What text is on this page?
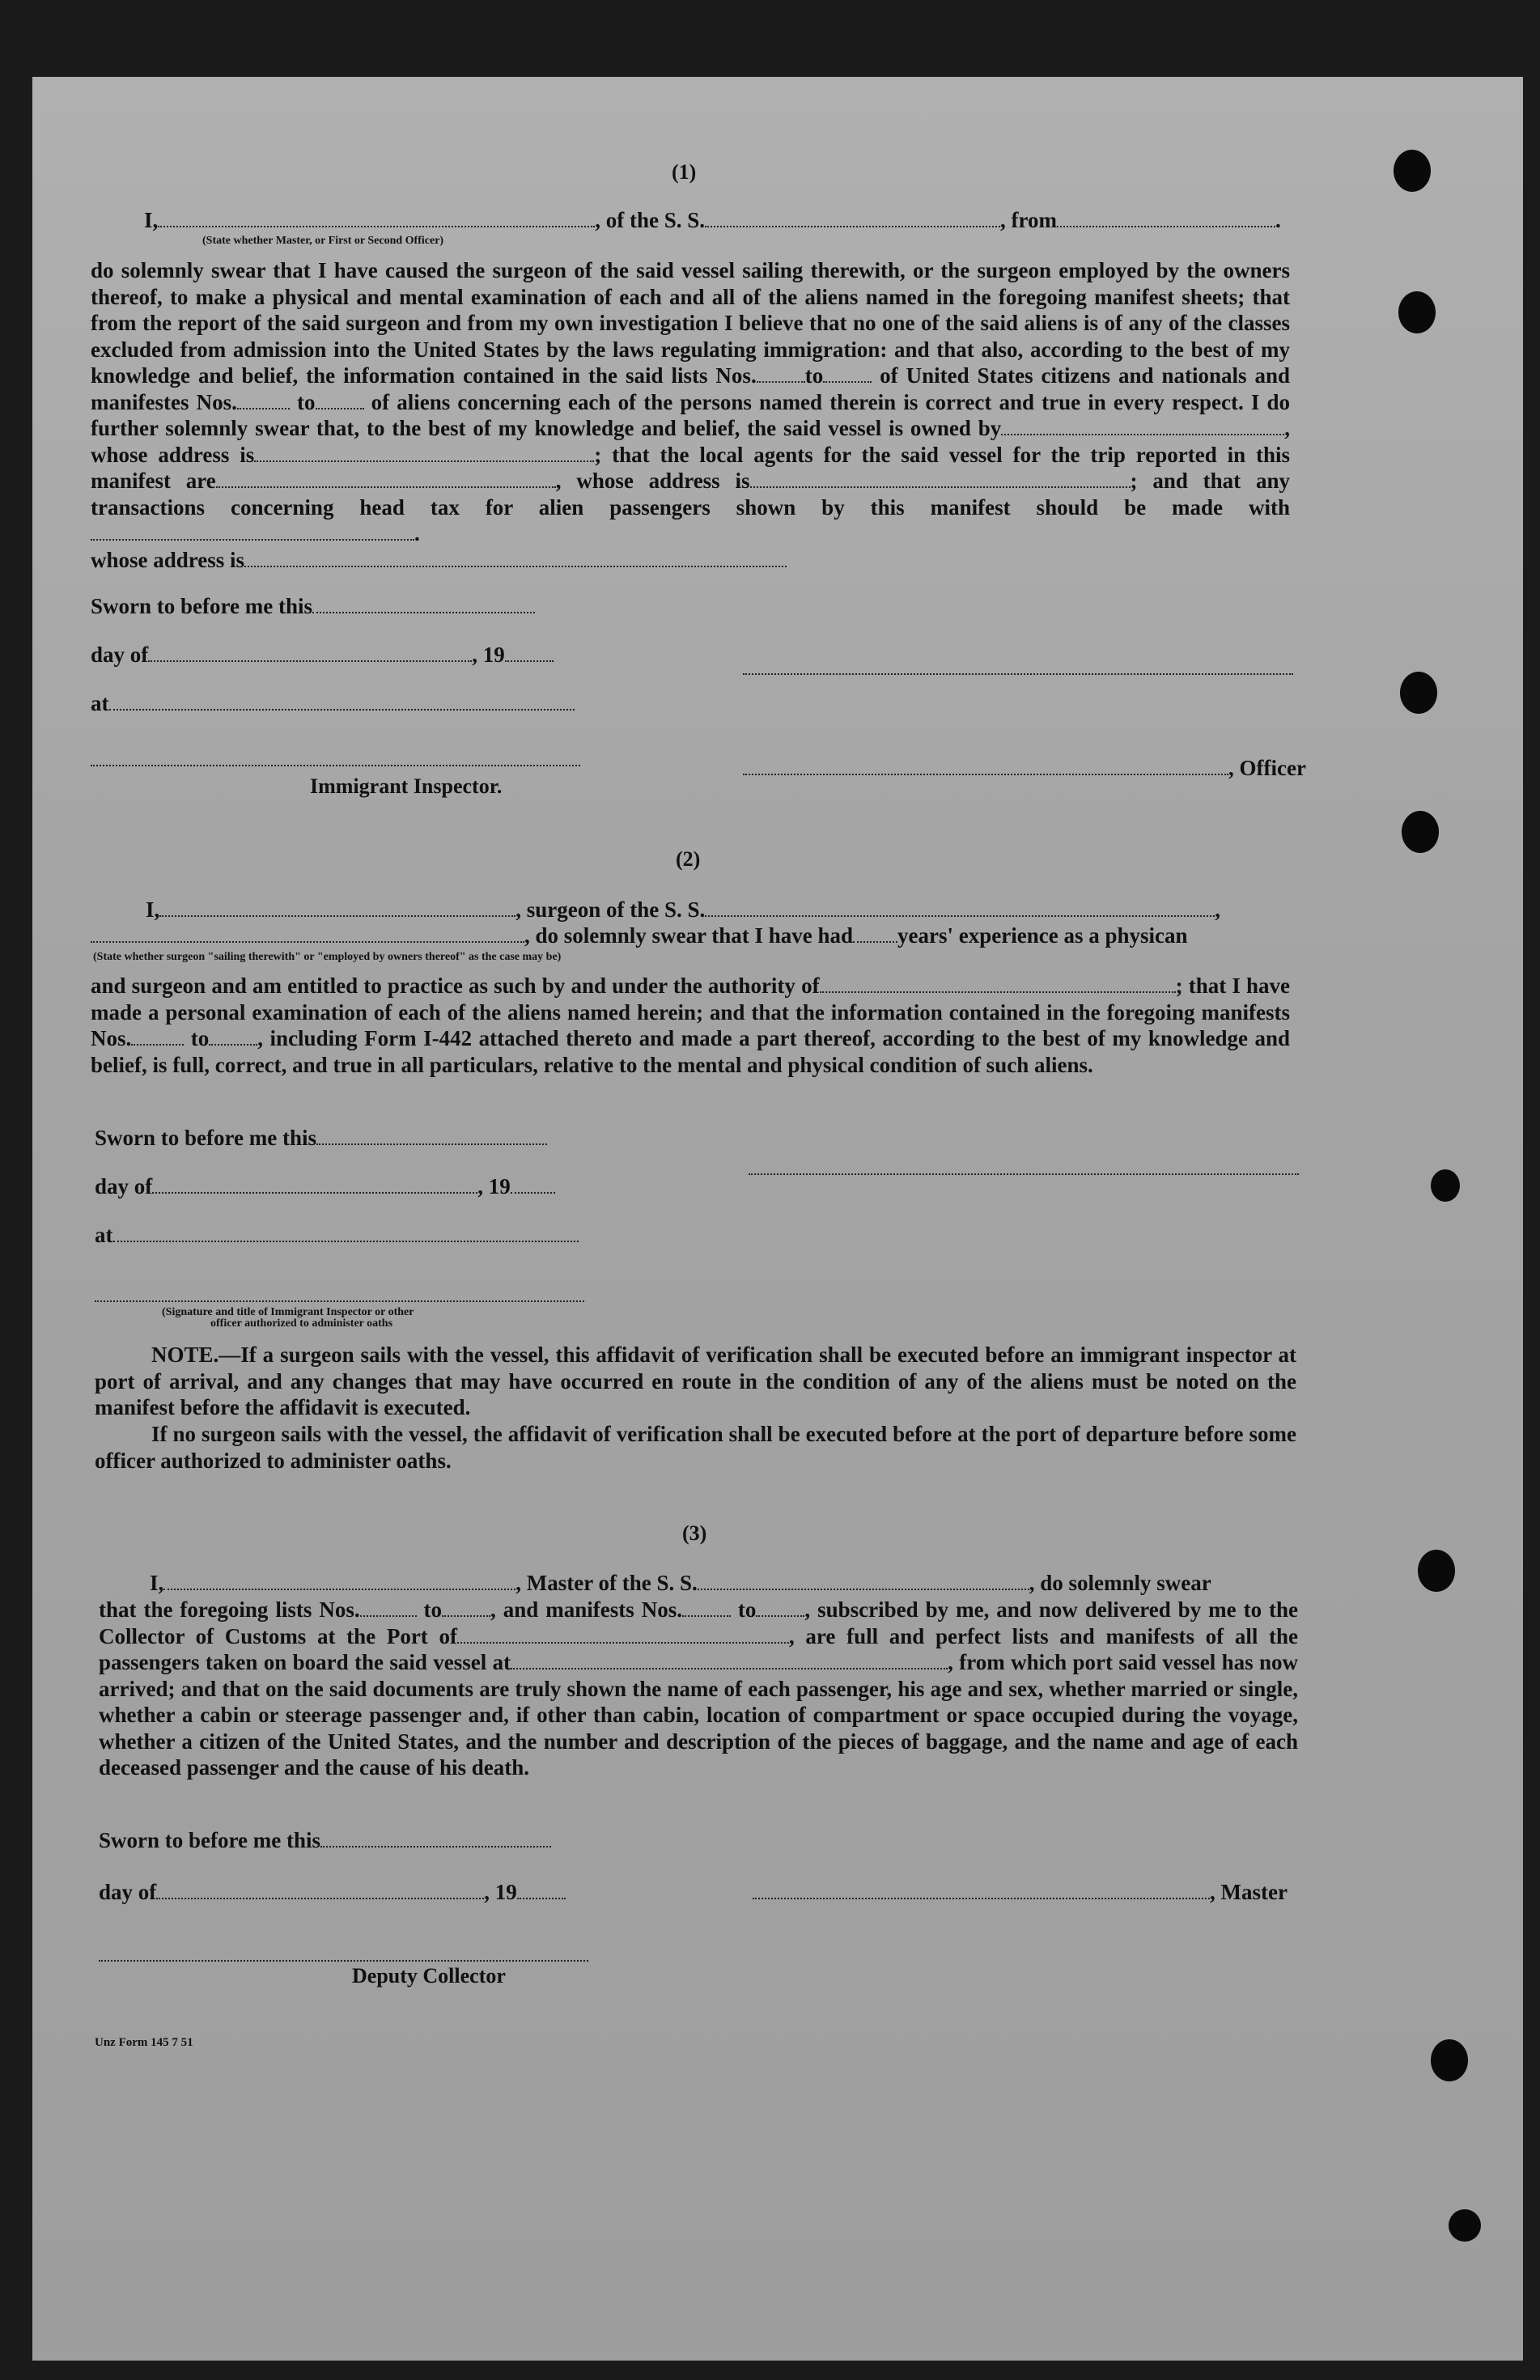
(1)
I,	, of the S. S.	, from	.
(State whether Master, or First or Second Officer)
do solemnly swear that I have caused the surgeon of the said vessel sailing therewith, or the surgeon employed by the owners thereof, to make a physical and mental examination of each and all of the aliens named in the foregoing manifest sheets; that from the report of the said surgeon and from my own investigation I believe that no one of the said aliens is of any of the classes excluded from admission into the United States by the laws regulating immigration: and that also, according to the best of my knowledge and belief, the information contained in the said lists Nos. to	of United States citizens and nationals and manifestes Nos.	to	of aliens concerning each of the persons named therein is correct and true in every respect. I do further solemnly swear that, to the best of my knowledge and belief, the said vessel is owned by	, whose address is	; that the local agents for the said vessel for the trip reported in this manifest are	, whose address is	; and that any transactions concerning head tax for alien passengers shown by this manifest should be made with.
whose address is
Sworn to before me this
day of	, 19
at
, Officer
Immigrant Inspector.
(2)
I,	, surgeon of the S. S.	,
, do solemnly swear that I have had years' experience as a physican
(State whether surgeon "sailing therewith" or "employed by owners thereof" as the case may be)
and surgeon and am entitled to practice as such by and under the authority of	; that I have made a personal examination of each of the aliens named herein; and that the information contained in the foregoing manifests Nos.	to , including Form I-442 attached thereto and made a part thereof, according to the best of my knowledge and belief, is full, correct, and true in all particulars, relative to the mental and physical condition of such aliens.
Sworn to before me this
day of	, 19
at
(Signature and title of Immigrant Inspector or other
officer authorized to administer oaths
NOTE.—If a surgeon sails with the vessel, this affidavit of verification shall be executed before an immigrant inspector at port of arrival, and any changes that may have occurred en route in the condition of any of the aliens must be noted on the manifest before the affidavit is executed.
If no surgeon sails with the vessel, the affidavit of verification shall be executed before at the port of departure before some officer authorized to administer oaths.
(3)
I,	, Master of the S. S.	, do solemnly swear
that the foregoing lists Nos.	to , and manifests Nos.	to , subscribed by me, and now delivered by me to the Collector of Customs at the Port of	, are full and perfect lists and manifests of all the passengers taken on board the said vessel at	, from which port said vessel has now arrived; and that on the said documents are truly shown the name of each passenger, his age and sex, whether married or single, whether a cabin or steerage passenger and, if other than cabin, location of compartment or space occupied during the voyage, whether a citizen of the United States, and the number and description of the pieces of baggage, and the name and age of each deceased passenger and the cause of his death.
Sworn to before me this
day of	, 19	, Master
Deputy Collector
Unz Form 145 7 51
